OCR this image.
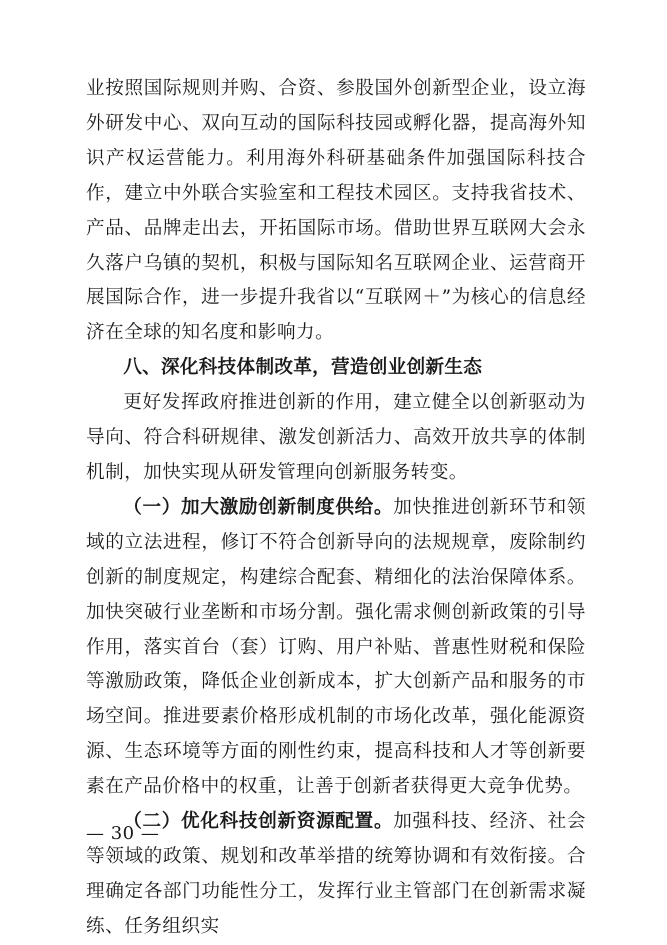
业按照国际规则并购、合资、参股国外创新型企业，设立海外研发中心、双向互动的国际科技园或孵化器，提高海外知识产权运营能力。利用海外科研基础条件加强国际科技合作，建立中外联合实验室和工程技术园区。支持我省技术、产品、品牌走出去，开拓国际市场。借助世界互联网大会永久落户乌镇的契机，积极与国际知名互联网企业、运营商开展国际合作，进一步提升我省以“互联网＋”为核心的信息经济在全球的知名度和影响力。

八、深化科技体制改革，营造创业创新生态

更好发挥政府推进创新的作用，建立健全以创新驱动为导向、符合科研规律、激发创新活力、高效开放共享的体制机制，加快实现从研发管理向创新服务转变。

（一）加大激励创新制度供给。加快推进创新环节和领域的立法进程，修订不符合创新导向的法规规章，废除制约创新的制度规定，构建综合配套、精细化的法治保障体系。加快突破行业垄断和市场分割。强化需求侧创新政策的引导作用，落实首台（套）订购、用户补贴、普惠性财税和保险等激励政策，降低企业创新成本，扩大创新产品和服务的市场空间。推进要素价格形成机制的市场化改革，强化能源资源、生态环境等方面的刚性约束，提高科技和人才等创新要素在产品价格中的权重，让善于创新者获得更大竞争优势。

（二）优化科技创新资源配置。加强科技、经济、社会等领域的政策、规划和改革举措的统筹协调和有效衔接。合理确定各部门功能性分工，发挥行业主管部门在创新需求凝练、任务组织实

— 30 —
